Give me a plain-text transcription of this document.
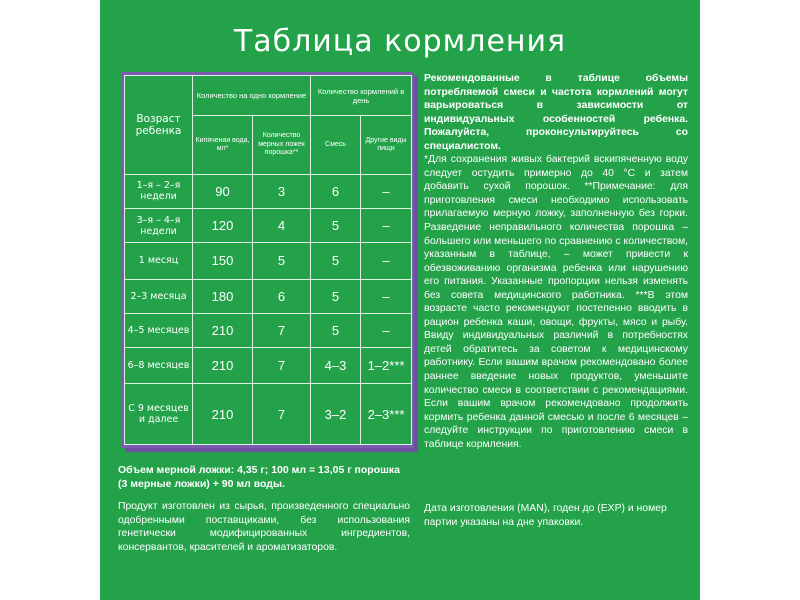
Таблица кормления
Возраст ребенка	Количество на одно кормление		Количество кормлений в день	
	Кипяченая вода, мл*	Количество мерных ложек порошка**	Смесь	Другие виды пищи
1–я – 2–я недели	90	3	6	–
3–я – 4–я недели	120	4	5	–
1 месяц	150	5	5	–
2–3 месяца	180	6	5	–
4–5 месяцев	210	7	5	–
6–8 месяцев	210	7	4–3	1–2***
С 9 месяцев и далее	210	7	3–2	2–3***

Рекомендованные в таблице объемы потребляемой смеси и частота кормлений могут варьироваться в зависимости от индивидуальных особенностей ребенка. Пожалуйста, проконсультируйтесь со специалистом.

*Для сохранения живых бактерий вскипяченную воду следует остудить примерно до 40 °С и затем добавить сухой порошок. **Примечание: для приготовления смеси необходимо использовать прилагаемую мерную ложку, заполненную без горки. Разведение неправильного количества порошка – большего или меньшего по сравнению с количеством, указанным в таблице, – может привести к обезвоживанию организма ребенка или нарушению его питания. Указанные пропорции нельзя изменять без совета медицинского работника. ***В этом возрасте часто рекомендуют постепенно вводить в рацион ребенка каши, овощи, фрукты, мясо и рыбу. Ввиду индивидуальных различий в потребностях детей обратитесь за советом к медицинскому работнику. Если вашим врачом рекомендовано более раннее введение новых продуктов, уменьшите количество смеси в соответствии с рекомендациями. Если вашим врачом рекомендовано продолжить кормить ребенка данной смесью и после 6 месяцев – следуйте инструкции по приготовлению смеси в таблице кормления.

Дата изготовления (MAN), годен до (EXP) и номер партии указаны на дне упаковки.
Объем мерной ложки: 4,35 г; 100 мл = 13,05 г порошка (3 мерные ложки) + 90 мл воды.
Продукт изготовлен из сырья, произведенного специально одобренными поставщиками, без использования генетически модифицированных ингредиентов, консервантов, красителей и ароматизаторов.
